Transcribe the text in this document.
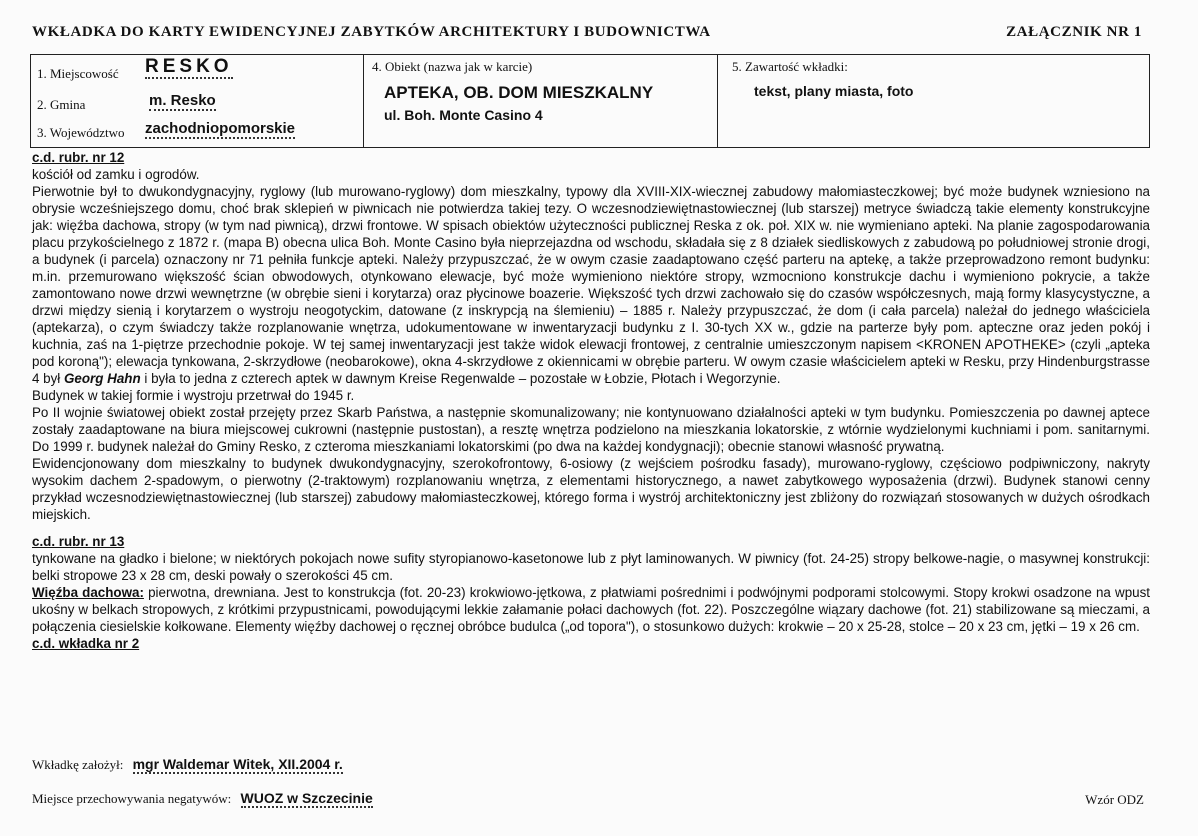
WKŁADKA DO KARTY EWIDENCYJNEJ ZABYTKÓW ARCHITEKTURY I BUDOWNICTWA	ZAŁĄCZNIK NR 1
1. Miejscowość RESKO
2. Gmina	m. Resko
3. Województwo zachodniopomorskie
4. Obiekt (nazwa jak w karcie)
APTEKA, OB. DOM MIESZKALNY
ul. Boh. Monte Casino 4
5. Zawartość wkładki:
tekst, plany miasta, foto

c.d. rubr. nr 12

kościół od zamku i ogrodów.

Pierwotnie był to dwukondygnacyjny, ryglowy (lub murowano-ryglowy) dom mieszkalny, typowy dla XVIII-XIX-wiecznej zabudowy małomiasteczkowej; być może budynek wzniesiono na obrysie wcześniejszego domu, choć brak sklepień w piwnicach nie potwierdza takiej tezy. O wczesnodziewiętnastowiecznej (lub starszej) metryce świadczą takie elementy konstrukcyjne jak: więźba dachowa, stropy (w tym nad piwnicą), drzwi frontowe. W spisach obiektów użyteczności publicznej Reska z ok. poł. XIX w. nie wymieniano apteki. Na planie zagospodarowania placu przykościelnego z 1872 r. (mapa B) obecna ulica Boh. Monte Casino była nieprzejazdna od wschodu, składała się z 8 działek siedliskowych z zabudową po południowej stronie drogi, a budynek (i parcela) oznaczony nr 71 pełniła funkcje apteki. Należy przypuszczać, że w owym czasie zaadaptowano część parteru na aptekę, a także przeprowadzono remont budynku: m.in. przemurowano większość ścian obwodowych, otynkowano elewacje, być może wymieniono niektóre stropy, wzmocniono konstrukcje dachu i wymieniono pokrycie, a także zamontowano nowe drzwi wewnętrzne (w obrębie sieni i korytarza) oraz płycinowe boazerie. Większość tych drzwi zachowało się do czasów współczesnych, mają formy klasycystyczne, a drzwi między sienią i korytarzem o wystroju neogotyckim, datowane (z inskrypcją na ślemieniu) – 1885 r. Należy przypuszczać, że dom (i cała parcela) należał do jednego właściciela (aptekarza), o czym świadczy także rozplanowanie wnętrza, udokumentowane w inwentaryzacji budynku z I. 30-tych XX w., gdzie na parterze były pom. apteczne oraz jeden pokój i kuchnia, zaś na 1-piętrze przechodnie pokoje. W tej samej inwentaryzacji jest także widok elewacji frontowej, z centralnie umieszczonym napisem <KRONEN APOTHEKE> (czyli „apteka pod koroną"); elewacja tynkowana, 2-skrzydłowe (neobarokowe), okna 4-skrzydłowe z okiennicami w obrębie parteru. W owym czasie właścicielem apteki w Resku, przy Hindenburgstrasse 4 był Georg Hahn i była to jedna z czterech aptek w dawnym Kreise Regenwalde – pozostałe w Łobzie, Płotach i Wegorzynie.

Budynek w takiej formie i wystroju przetrwał do 1945 r.

Po II wojnie światowej obiekt został przejęty przez Skarb Państwa, a następnie skomunalizowany; nie kontynuowano działalności apteki w tym budynku. Pomieszczenia po dawnej aptece zostały zaadaptowane na biura miejscowej cukrowni (następnie pustostan), a resztę wnętrza podzielono na mieszkania lokatorskie, z wtórnie wydzielonymi kuchniami i pom. sanitarnymi. Do 1999 r. budynek należał do Gminy Resko, z czteroma mieszkaniami lokatorskimi (po dwa na każdej kondygnacji); obecnie stanowi własność prywatną.

Ewidencjonowany dom mieszkalny to budynek dwukondygnacyjny, szerokofrontowy, 6-osiowy (z wejściem pośrodku fasady), murowano-ryglowy, częściowo podpiwniczony, nakryty wysokim dachem 2-spadowym, o pierwotny (2-traktowym) rozplanowaniu wnętrza, z elementami historycznego, a nawet zabytkowego wyposażenia (drzwi). Budynek stanowi cenny przykład wczesnodziewiętnastowiecznej (lub starszej) zabudowy małomiasteczkowej, którego forma i wystrój architektoniczny jest zbliżony do rozwiązań stosowanych w dużych ośrodkach miejskich.

c.d. rubr. nr 13

tynkowane na gładko i bielone; w niektórych pokojach nowe sufity styropianowo-kasetonowe lub z płyt laminowanych. W piwnicy (fot. 24-25) stropy belkowe-nagie, o masywnej konstrukcji: belki stropowe 23 x 28 cm, deski powały o szerokości 45 cm.

Więźba dachowa: pierwotna, drewniana. Jest to konstrukcja (fot. 20-23) krokwiowo-jętkowa, z płatwiami pośrednimi i podwójnymi podporami stolcowymi. Stopy krokwi osadzone na wpust ukośny w belkach stropowych, z krótkimi przypustnicami, powodującymi lekkie załamanie połaci dachowych (fot. 22). Poszczególne wiązary dachowe (fot. 21) stabilizowane są mieczami, a połączenia ciesielskie kołkowane. Elementy więźby dachowej o ręcznej obróbce budulca („od topora"), o stosunkowo dużych: krokwie – 20 x 25-28, stolce – 20 x 23 cm, jętki – 19 x 26 cm.

c.d. wkładka nr 2

Wkładkę założył: mgr Waldemar Witek, XII.2004 r.
Miejsce przechowywania negatywów: WUOZ w Szczecinie	Wzór ODZ
